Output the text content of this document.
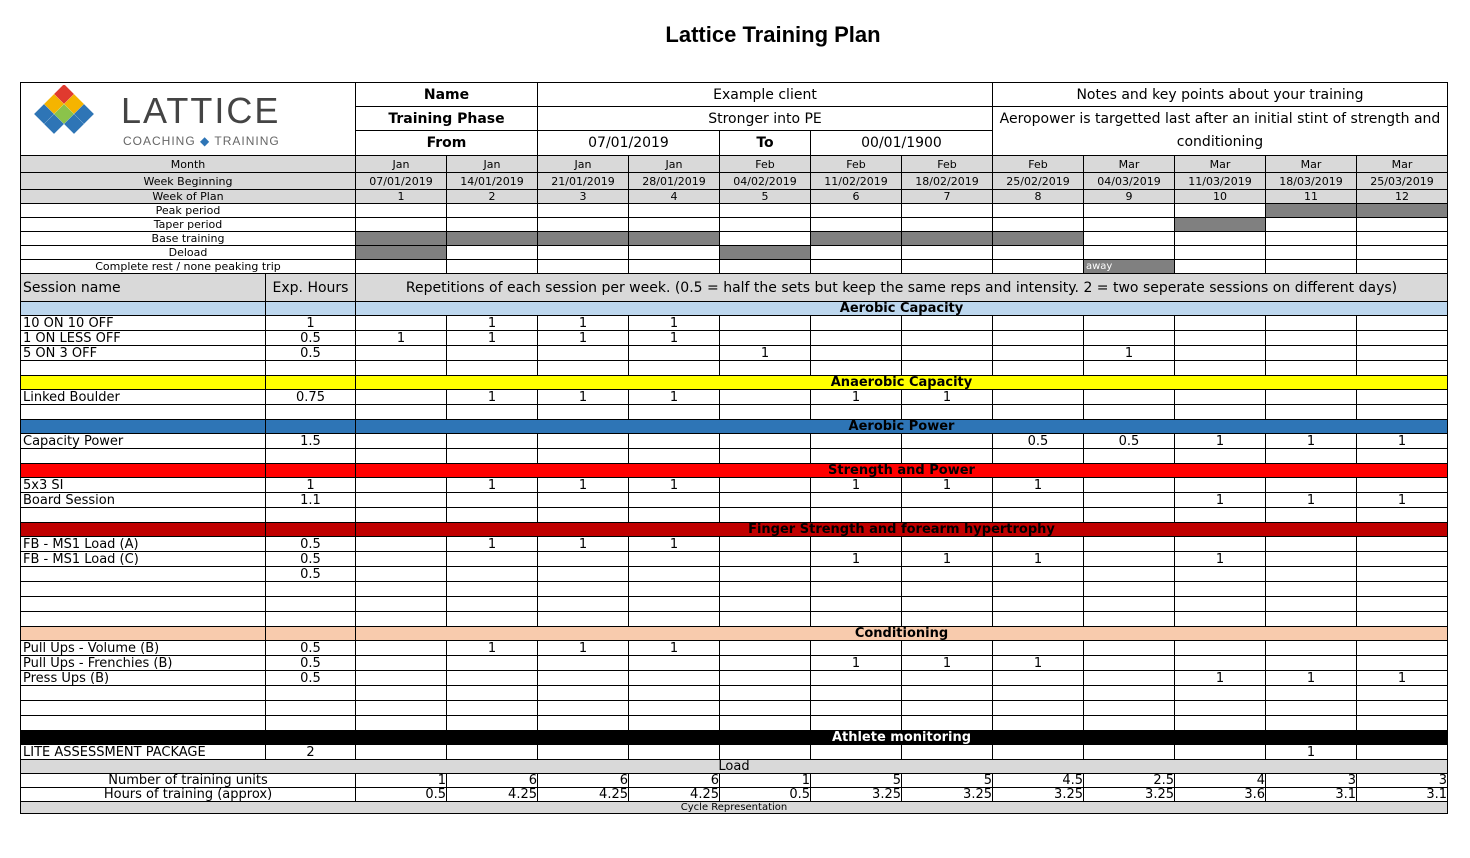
Lattice Training Plan
LATTICE
COACHING ◆ TRAINING		Name		Example client					Notes and key points about your training				
		Training Phase		Stronger into PE					Aeropower is targetted last after an initial stint of strength and
conditioning				
		From		07/01/2019		To	00/01/1900						
Month		Jan	Jan	Jan	Jan	Feb	Feb	Feb	Feb	Mar	Mar	Mar	Mar
Week Beginning		07/01/2019	14/01/2019	21/01/2019	28/01/2019	04/02/2019	11/02/2019	18/02/2019	25/02/2019	04/03/2019	11/03/2019	18/03/2019	25/03/2019
Week of Plan		1	2	3	4	5	6	7	8	9	10	11	12
Peak period													
Taper period													
Base training													
Deload													
Complete rest / none peaking trip										away			
Session name	Exp. Hours	Repetitions of each session per week. (0.5 = half the sets but keep the same reps and intensity. 2 = two seperate sessions on different days)											
		Aerobic Capacity											
10 ON 10 OFF	1		1	1	1								
1 ON LESS OFF	0.5	1	1	1	1								
5 ON 3 OFF	0.5					1				1			

		Anaerobic Capacity											
Linked Boulder	0.75		1	1	1		1	1					

		Aerobic Power											
Capacity Power	1.5								0.5	0.5	1	1	1

		Strength and Power											
5x3 SI	1		1	1	1		1	1	1				
Board Session	1.1										1	1	1

		Finger Strength and forearm hypertrophy											
FB - MS1 Load (A)	0.5		1	1	1								
FB - MS1 Load (C)	0.5						1	1	1		1		
	0.5												

		Conditioning											
Pull Ups - Volume (B)	0.5		1	1	1								
Pull Ups - Frenchies (B)	0.5						1	1	1				
Press Ups (B)	0.5										1	1	1

		Athlete monitoring											
LITE ASSESSMENT PACKAGE	2											1	
Load													
Number of training units		1	6	6	6	1	5	5	4.5	2.5	4	3	3
Hours of training (approx)		0.5	4.25	4.25	4.25	0.5	3.25	3.25	3.25	3.25	3.6	3.1	3.1
Cycle Representation													
